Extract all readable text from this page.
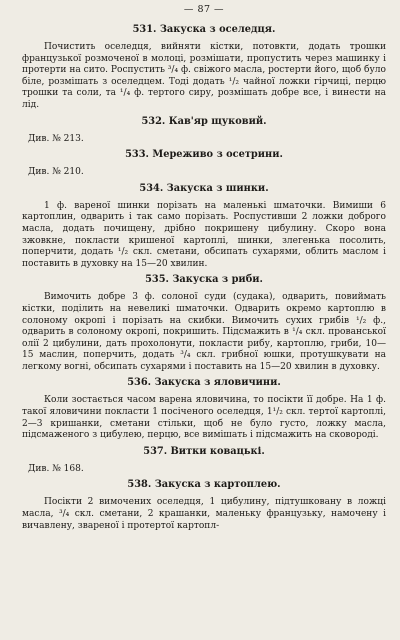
— 87 —
531. Закуска з оселедця.

Почистить оселедця, вийняти кістки, потовкти, додать трошки французької розмоченої в молоці, розмішати, пропустить через машинку і протерти на сито. Роспустить ³/₄ ф. свіжого масла, ростерти його, щоб було біле, розмішать з оселедцем. Тоді додать ¹/₂ чайної ложки гірчиці, перцю трошки та соли, та ¹/₄ ф. тертого сиру, розмішать добре все, і винести на лід.

532. Кав'яр щуковий.
Див. № 213.
533. Мереживо з осетрини.
Див. № 210.
534. Закуска з шинки.

1 ф. вареної шинки порізать на маленькі шматочки. Вимиши 6 картоплин, одварить і так само порізать. Роспустивши 2 ложки доброго масла, додать почищену, дрібно покришену цибулину. Скоро вона зжовкне, покласти кришеної картоплі, шинки, злегенька посолить, поперчити, додать ¹/₂ скл. сметани, обсипать сухарями, облить маслом і поставить в духовку на 15—20 хвилин.

535. Закуска з риби.

Вимочить добре 3 ф. солоної суди (судака), одварить, повиймать кістки, поділить на невеликі шматочки. Одварить окремо картоплю в солоному окропі і порізать на скибки. Вимочить сухих грибів ¹/₂ ф., одварить в солоному окропі, покришить. Підсмажить в ¹/₄ скл. прованської олії 2 цибулини, дать прохолонути, покласти рибу, картоплю, гриби, 10—15 маслин, поперчить, додать ³/₄ скл. грибної юшки, протушкувати на легкому вогні, обсипать сухарями і поставить на 15—20 хвилин в духовку.

536. Закуска з яловичини.

Коли зостається часом варена яловичина, то посікти її добре. На 1 ф. такої яловичини покласти 1 посіченого оселедця, 1¹/₂ скл. тертої картоплі, 2—3 кришанки, сметани стільки, щоб не було густо, ложку масла, підсмаженого з цибулею, перцю, все вимішать і підсмажить на сковороді.

537. Витки ковацькі.
Див. № 168.
538. Закуска з картоплею.

Посікти 2 вимочених оселедця, 1 цибулину, підтушковану в ложці масла, ³/₄ скл. сметани, 2 крашанки, маленьку французьку, намочену і вичавлену, звареної і протертої картопл-
